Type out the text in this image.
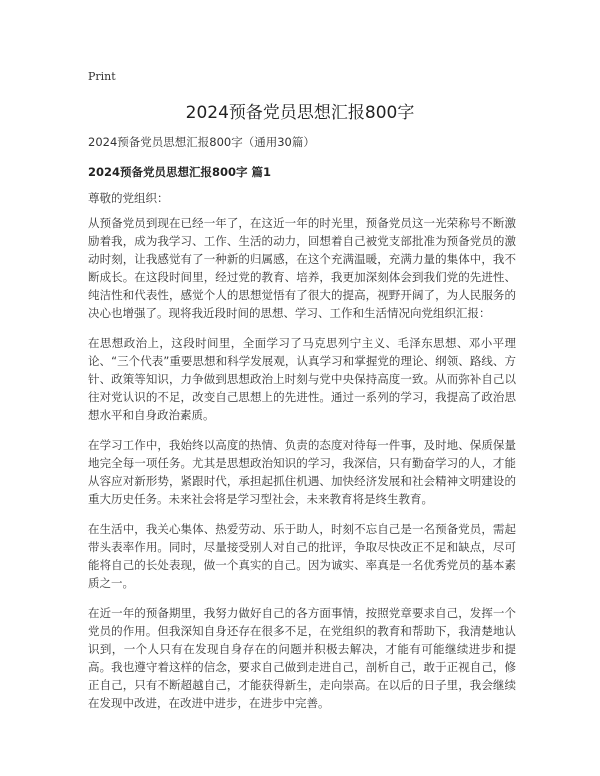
Print
2024预备党员思想汇报800字
2024预备党员思想汇报800字（通用30篇）
2024预备党员思想汇报800字 篇1
尊敬的党组织：

从预备党员到现在已经一年了，在这近一年的时光里，预备党员这一光荣称号不断激励着我，成为我学习、工作、生活的动力，回想着自己被党支部批准为预备党员的激动时刻，让我感觉有了一种新的归属感，在这个充满温暖，充满力量的集体中，我不断成长。在这段时间里，经过党的教育、培养，我更加深刻体会到我们党的先进性、纯洁性和代表性，感觉个人的思想觉悟有了很大的提高，视野开阔了，为人民服务的决心也增强了。现将我近段时间的思想、学习、工作和生活情况向党组织汇报：

在思想政治上，这段时间里，全面学习了马克思列宁主义、毛泽东思想、邓小平理论、“三个代表”重要思想和科学发展观，认真学习和掌握党的理论、纲领、路线、方针、政策等知识，力争做到思想政治上时刻与党中央保持高度一致。从而弥补自己以往对党认识的不足，改变自己思想上的先进性。通过一系列的学习，我提高了政治思想水平和自身政治素质。

在学习工作中，我始终以高度的热情、负责的态度对待每一件事，及时地、保质保量地完全每一项任务。尤其是思想政治知识的学习，我深信，只有勤奋学习的人，才能从容应对新形势，紧跟时代，承担起抓住机遇、加快经济发展和社会精神文明建设的重大历史任务。未来社会将是学习型社会，未来教育将是终生教育。

在生活中，我关心集体、热爱劳动、乐于助人，时刻不忘自己是一名预备党员，需起带头表率作用。同时，尽量接受别人对自己的批评，争取尽快改正不足和缺点，尽可能将自己的长处表现，做一个真实的自己。因为诚实、率真是一名优秀党员的基本素质之一。

在近一年的预备期里，我努力做好自己的各方面事情，按照党章要求自己，发挥一个党员的作用。但我深知自身还存在很多不足，在党组织的教育和帮助下，我清楚地认识到，一个人只有在发现自身存在的问题并积极去解决，才能有可能继续进步和提高。我也遵守着这样的信念，要求自己做到走进自己，剖析自己，敢于正视自己，修正自己，只有不断超越自己，才能获得新生，走向崇高。在以后的日子里，我会继续在发现中改进，在改进中进步，在进步中完善。
